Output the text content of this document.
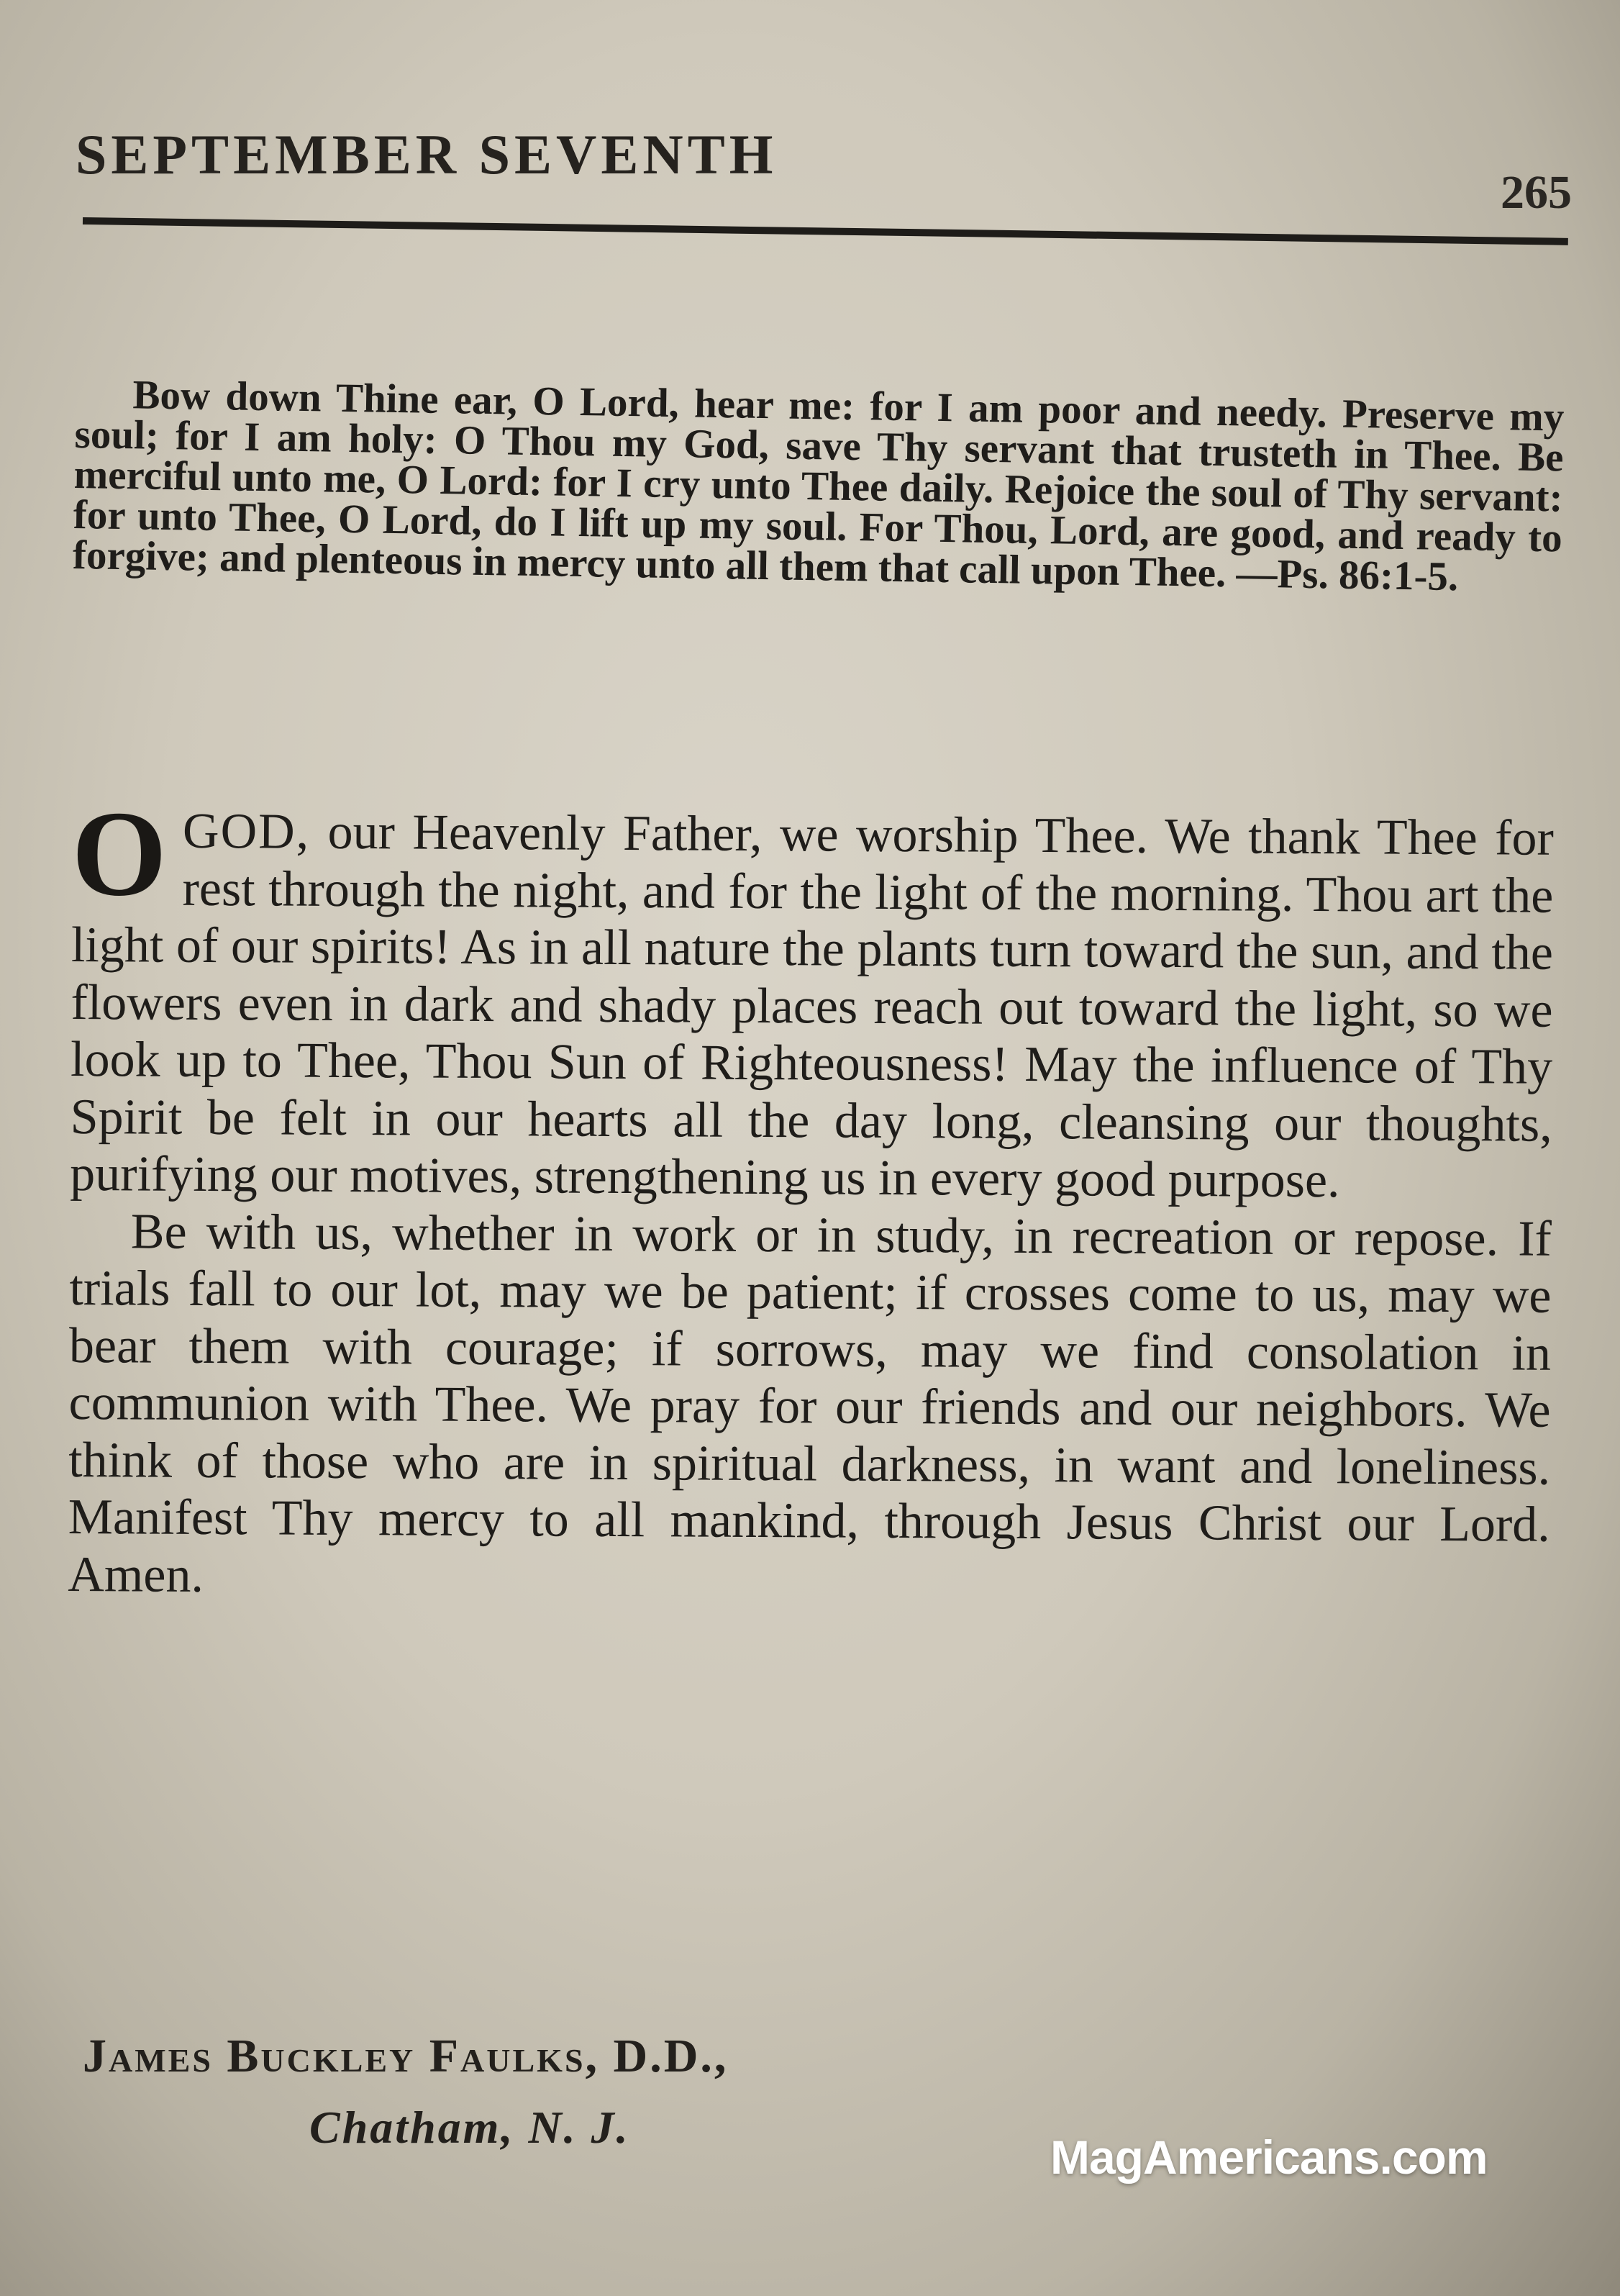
SEPTEMBER SEVENTH
265
Bow down Thine ear, O Lord, hear me: for I am poor and needy. Preserve my soul; for I am holy: O Thou my God, save Thy servant that trusteth in Thee. Be merciful unto me, O Lord: for I cry unto Thee daily. Rejoice the soul of Thy servant: for unto Thee, O Lord, do I lift up my soul. For Thou, Lord, are good, and ready to forgive; and plenteous in mercy unto all them that call upon Thee. —Ps. 86:1-5.

OGOD, our Heavenly Father, we worship Thee. We thank Thee for rest through the night, and for the light of the morning. Thou art the light of our spirits! As in all nature the plants turn toward the sun, and the flowers even in dark and shady places reach out toward the light, so we look up to Thee, Thou Sun of Righteousness! May the influence of Thy Spirit be felt in our hearts all the day long, cleansing our thoughts, purifying our motives, strengthening us in every good purpose.

Be with us, whether in work or in study, in recreation or repose. If trials fall to our lot, may we be patient; if crosses come to us, may we bear them with courage; if sorrows, may we find consolation in communion with Thee. We pray for our friends and our neighbors. We think of those who are in spiritual darkness, in want and loneliness. Manifest Thy mercy to all mankind, through Jesus Christ our Lord. Amen.

James Buckley Faulks, D.D.,
Chatham, N. J.
MagAmericans.com
